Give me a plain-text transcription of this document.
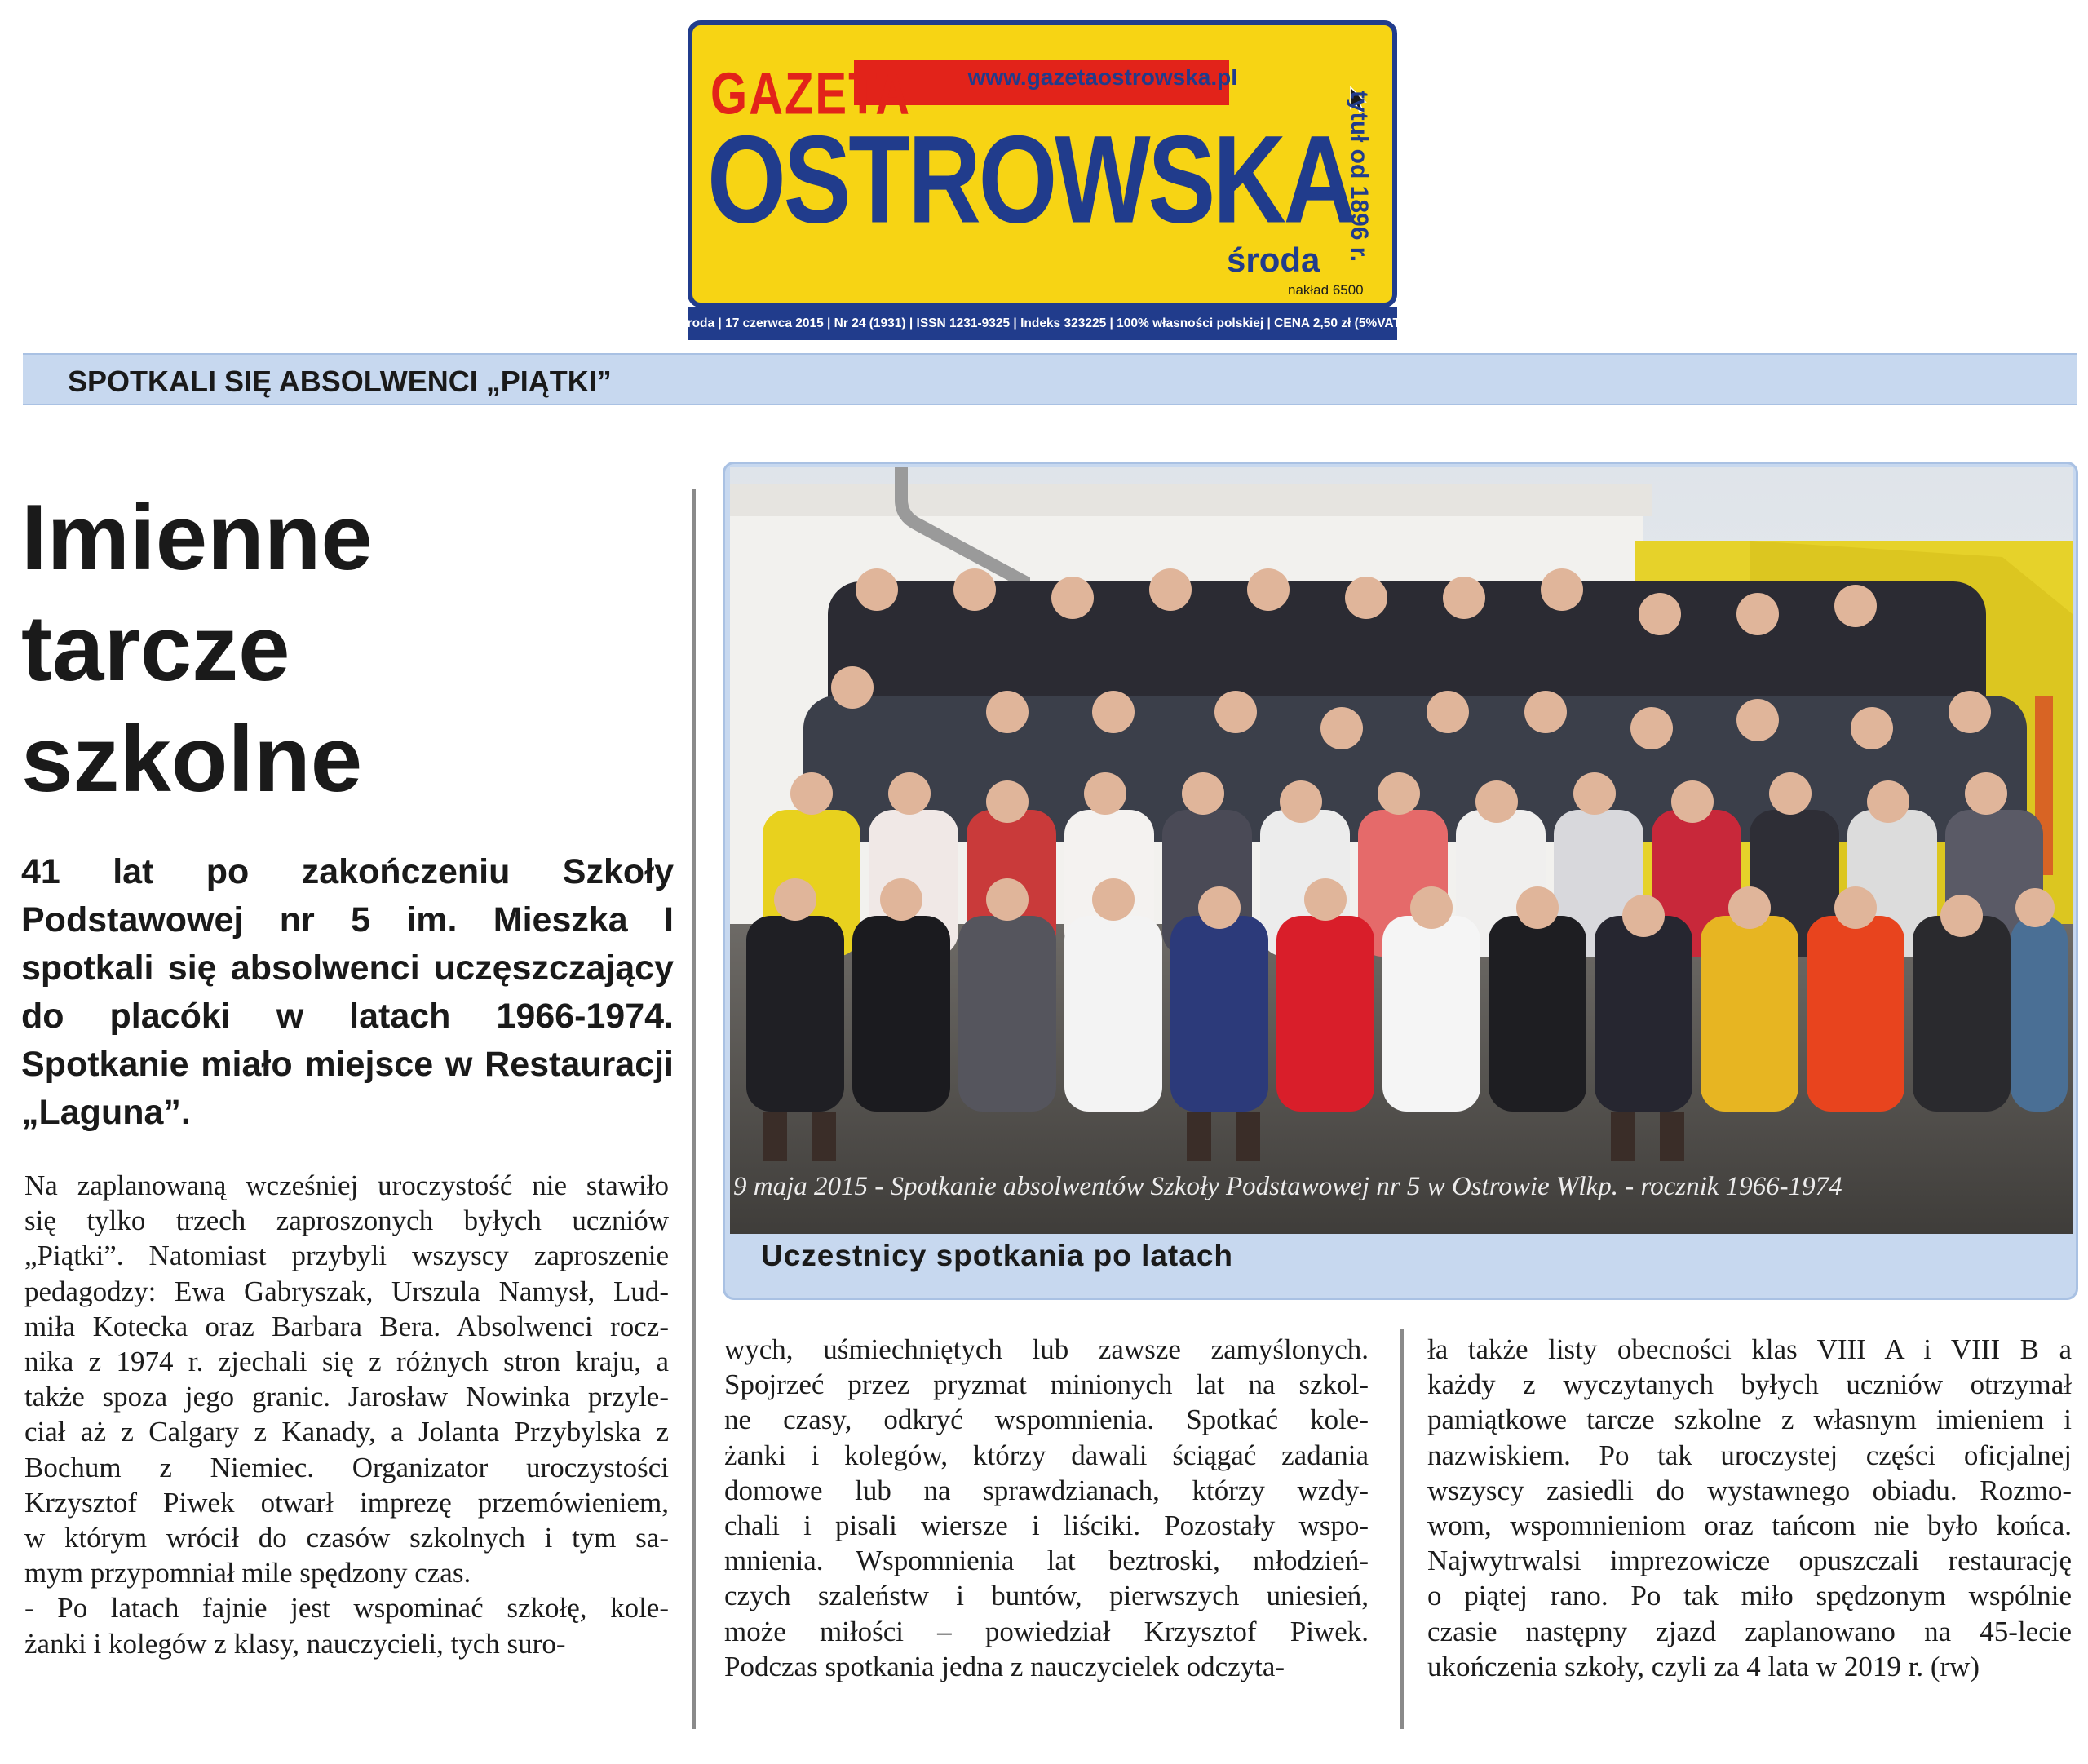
www.gazetaostrowska.pl
GAZETA
OSTROWSKA
tytuł od 1896 r.
środa
nakład 6500
środa | 17 czerwca 2015 | Nr 24 (1931) | ISSN 1231-9325 | Indeks 323225 | 100% własności polskiej | CENA 2,50 zł (5%VAT)
SPOTKALI SIĘ ABSOLWENCI „PIĄTKI”
Imienne
tarcze
szkolne

41 lat po zakończeniu Szkoły Podstawowej nr 5 im. Mieszka I spotkali się absolwenci uczęszczający do placóki w latach 1966-1974. Spotkanie miało miejsce w Restauracji „Laguna”.

9 maja 2015 - Spotkanie absolwentów Szkoły Podstawowej nr 5 w Ostrowie Wlkp. - rocznik 1966-1974
Uczestnicy spotkania po latach
Na zaplanowaną wcześniej uroczystość nie stawiło
się tylko trzech zaproszonych byłych uczniów
„Piątki”. Natomiast przybyli wszyscy zaproszenie
pedagodzy: Ewa Gabryszak, Urszula Namysł, Lud-
miła Kotecka oraz Barbara Bera. Absolwenci rocz-
nika z 1974 r. zjechali się z różnych stron kraju, a
także spoza jego granic. Jarosław Nowinka przyle-
ciał aż z Calgary z Kanady, a Jolanta Przybylska z
Bochum z Niemiec. Organizator uroczystości
Krzysztof Piwek otwarł imprezę przemówieniem,
w którym wrócił do czasów szkolnych i tym sa-
mym przypomniał mile spędzony czas.
- Po latach fajnie jest wspominać szkołę, kole-
żanki i kolegów z klasy, nauczycieli, tych suro-
wych, uśmiechniętych lub zawsze zamyślonych.
Spojrzeć przez pryzmat minionych lat na szkol-
ne czasy, odkryć wspomnienia. Spotkać kole-
żanki i kolegów, którzy dawali ściągać zadania
domowe lub na sprawdzianach, którzy wzdy-
chali i pisali wiersze i liściki. Pozostały wspo-
mnienia. Wspomnienia lat beztroski, młodzień-
czych szaleństw i buntów, pierwszych uniesień,
może miłości – powiedział Krzysztof Piwek.
Podczas spotkania jedna z nauczycielek odczyta-
ła także listy obecności klas VIII A i VIII B a
każdy z wyczytanych byłych uczniów otrzymał
pamiątkowe tarcze szkolne z własnym imieniem i
nazwiskiem. Po tak uroczystej części oficjalnej
wszyscy zasiedli do wystawnego obiadu. Rozmo-
wom, wspomnieniom oraz tańcom nie było końca.
Najwytrwalsi imprezowicze opuszczali restaurację
o piątej rano. Po tak miło spędzonym wspólnie
czasie następny zjazd zaplanowano na 45-lecie
ukończenia szkoły, czyli za 4 lata w 2019 r. (rw)
